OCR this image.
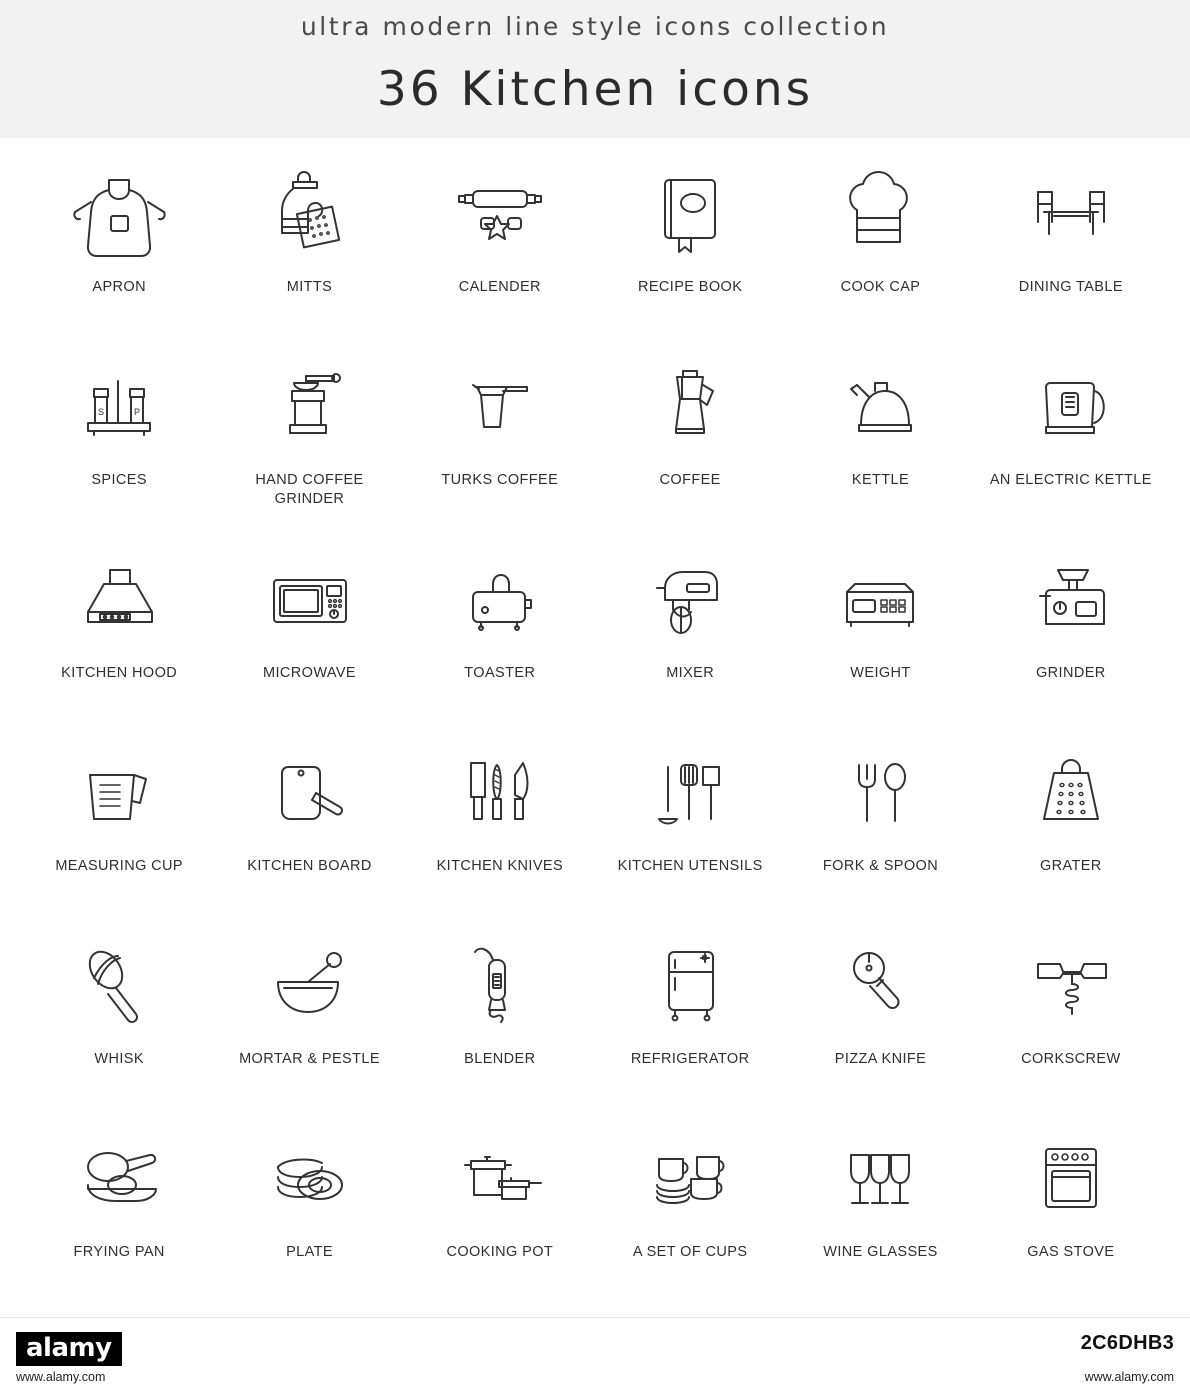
ultra modern line style icons collection
36 Kitchen icons
APRON	MITTS	CALENDER	RECIPE BOOK	COOK CAP	DINING TABLE
S	P
SPICES	HAND COFFEE GRINDER
TURKS COFFEE	COFFEE	KETTLE	AN ELECTRIC KETTLE
KITCHEN HOOD	MICROWAVE	TOASTER	MIXER	WEIGHT	GRINDER
MEASURING CUP	KITCHEN BOARD	KITCHEN KNIVES	KITCHEN UTENSILS	FORK & SPOON	GRATER
WHISK	MORTAR & PESTLE	BLENDER	REFRIGERATOR	PIZZA KNIFE	CORKSCREW
FRYING PAN	PLATE	COOKING POT	A SET OF CUPS	WINE GLASSES	GAS STOVE
alamy
www.alamy.com
2C6DHB3
www.alamy.com
